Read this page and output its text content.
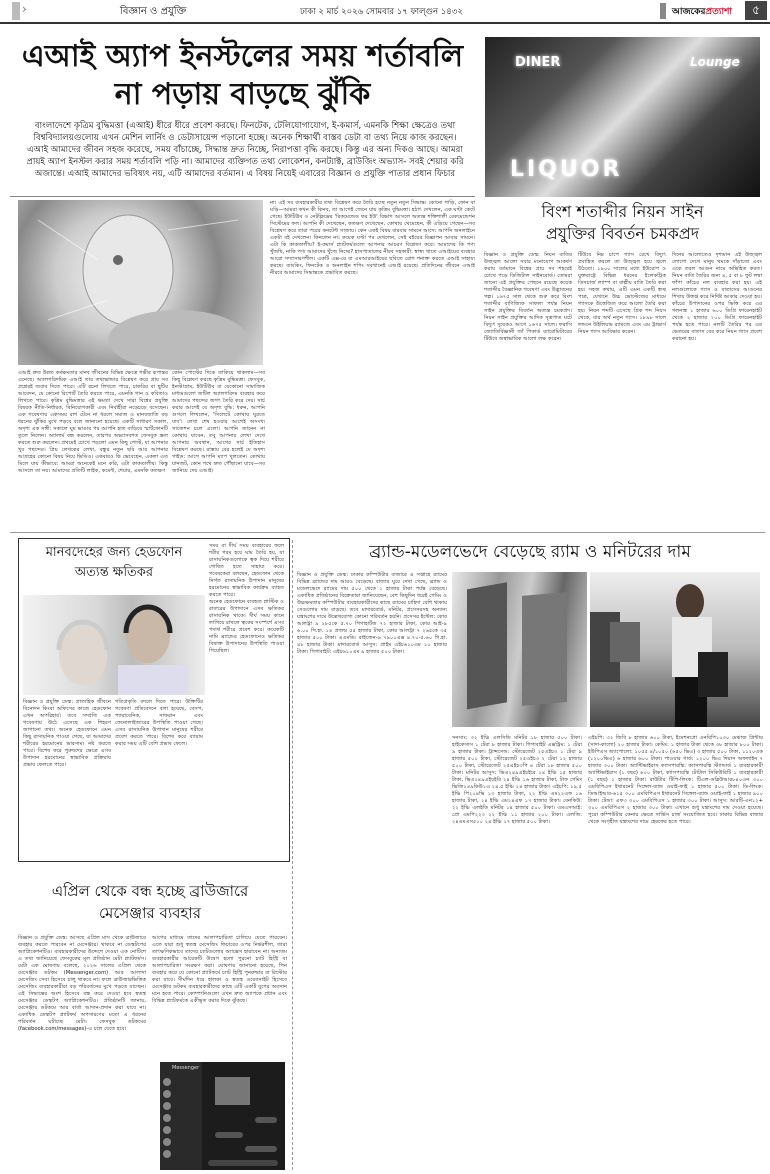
›	বিজ্ঞান ও প্রযুক্তি	ঢাকা ২ মার্চ ২০২৬ সোমবার ১৭ ফাল্গুন ১৪৩২	আজকেরপ্রত্যাশা	৫
এআই অ্যাপ ইনস্টলের সময় শর্তাবলি
না পড়ায় বাড়ছে ঝুঁকি
বাংলাদেশে কৃত্রিম বুদ্ধিমত্তা (এআই) ধীরে ধীরে প্রবেশ করছে। ফিনটেক, টেলিযোগাযোগ, ই-কমার্স, এমনকি শিক্ষা ক্ষেত্রেও তথা বিশ্ববিদ্যালয়গুলোয় এখন মেশিন লার্নিং ও ডেটাসায়েন্স পড়ানো হচ্ছে। অনেক শিক্ষার্থী বাস্তব ডেটা বা তথ্য নিয়ে কাজ করছেন। এআই আমাদের জীবন সহজ করেছে, সময় বাঁচাচ্ছে, সিদ্ধান্ত দ্রুত নিচ্ছে, নিরাপত্তা বৃদ্ধি করছে। কিন্তু এর অন্য দিকও আছে। আমরা প্রায়ই অ্যাপ ইনস্টল করার সময় শর্তাবলি পড়ি না। আমাদের ব্যক্তিগত তথ্য লোকেশন, কনট্যাক্ট, ব্রাউজিং অভ্যাস- সবই শেয়ার করি অজান্তে। এআই আমাদের ভবিষ্যৎ নয়, এটি আমাদের বর্তমান। এ বিষয় নিয়েই এবারের বিজ্ঞান ও প্রযুক্তি পাতার প্রধান ফিচার
এআই দ্রুত উন্নত কর্মক্ষমতার মানব জীবনের বিভিন্ন ক্ষেত্রে গভীর রূপান্তর এনেছে। অ্যালগরিদমিক এআই তার তথ্যভান্ডার বিশ্লেষণ করে প্রায় সব প্রশ্নেরই জবাব দিতে পারে। এটি রচনা লিখতে পারে, চাকরির বা ছুটির আবেদন, যে কোনো রিপোর্ট তৈরি করতে পারে, এমনকি গান ও কবিতাও লিখতে পারে। কৃত্রিম বুদ্ধিমত্তার এই ক্ষমতা দেখে সারা বিশ্বের প্রযুক্তি বিষয়ক নীতি-নির্ধারক, বিনিয়োগকারী এবং নির্বাহীরা নড়েচড়ে বসেছেন। এক গবেষণায় একসময় রাশ টেনে না ধরলে সমাজ ও মানবজাতি বড় ধরনের ঝুঁকির মুখে পড়বে বলে জানানো হয়েছে। একটি সাধারণ সকাল, অদৃশ্য এক সঙ্গী: সকালে ঘুম ভাঙার পর আপনি হাত বাড়িয়ে স্মার্টফোনটি তুলে নিলেন। অ্যালার্ম বন্ধ করলেন, তারপর অভ্যাসবশত ফেসবুক স্ক্রল করতে শুরু করলেন। প্রথমেই চোখে পড়লো এমন কিছু পোস্ট, যা আপনার খুব পছন্দের। প্রিয় লেখকের লেখা, বন্ধুর নতুন ছবি আর আপনার আগ্রহের কোনো বিষয় নিয়ে ভিডিও। একবারও কি ভেবেছেন, একলা এত মিলে যায় কীভাবে: আমরা অনেকেই মনে করি, এটা কাকতালীয়। কিন্তু আসলে তা নয়। আমাদের প্রতিটি লাইক, কমেন্ট, শেয়ার, এমনকি কতক্ষণ
কোন পোস্টের দিকে তাকিয়ে থাকলাম—সব কিছু বিশ্লেষণ করছে কৃত্রিম বুদ্ধিমত্তা। ফেসবুক, ইনস্টাগ্রাম, ইউটিউব বা যেকোনো সামাজিক মাধ্যমগুলো জটিল অ্যালগরিদম ব্যবহার করে আমাদের পছন্দের জগৎ তৈরি করে দেয়। সার্চ করার আগেই যে অদৃশ্য বুদ্ধি: ধরুন, আপনি গুগলে লিখলেন, 'সিলেটে কোথায় ঘুরতে যাব'। লেখা শেষ হওয়ার আগেই অসংখ্য সাজেশন চলে এলো। আপনি জানেন না কোথায় যাবেন, তবু আপনার লেখা দেখে আপনার অবস্থান, আগের সার্চ ইতিহাস বিশ্লেষণ করছে। রাস্তায় বের হলেই যে অদৃশ্য গাইড: আগে আপনি ম্যাপ খুলতেন। কোথায় যানজট, কোন পথে দ্রুত পৌঁছানো যাবে—সব জানিয়ে দেয় এআই।
না। এই সব ব্যবহারকারীর তথ্য বিশ্লেষণ করে তৈরি হচ্ছে নতুন নতুন সিদ্ধান্ত। কোনো গাড়ি, ফোন বা ঘড়ি—আমরা কখন কী কিনব, তা আগেই জেনে যায় কৃত্রিম বুদ্ধিমত্তা। হঠাৎ দেখলেন, এক ঘণ্টা কেটে গেছে। ইউটিউব ও নেটফ্লিক্সের 'রিকমেন্ডেড ফর ইউ' বিভাগ আসলে অত্যন্ত শক্তিশালী রেকমেন্ডেশন সিস্টেমের ফল। আপনি কী দেখেছেন, কতক্ষণ দেখেছেন, কোথায় থেমেছেন, কী এড়িয়ে গেছেন—সব বিশ্লেষণ করে তারা পরের কনটেন্ট সাজায়। কেন একই বিষয় বারবার সামনে আসে: আপনি অনলাইনে একটা বই দেখলেন। কিনলেন না। কয়েক ঘণ্টা পর দেখলেন, সেই বইয়ের বিজ্ঞাপন আবার সামনে। এটা কি কাকতালীয়? ই-কমার্স প্ল্যাটফর্মগুলো আপনার আচরণ বিশ্লেষণ করে। আমাদের কি পণ্য খুঁজছি, নাকি পণ্য আমাদের খুঁজে নিচ্ছে? হাসপাতালের নীরব সহকারী: স্বাস্থ্য খাতে এআইয়ের ব্যবহার আরো সম্প্রসারণশীল। একটি এক্স-রে বা এমআরআইয়ের ছবিতে রোগ শনাক্ত করতে এআই সাহায্য করছে। ব্যাংকিং, ফিনটেক ও অনলাইন শপিং সবখানেই এআই রয়েছে। প্রতিদিনের জীবনে এআই নীরবে আমাদের সিদ্ধান্তকে প্রভাবিত করছে।
DINER
LIQUOR
Lounge
বিংশ শতাব্দীর নিয়ন সাইন
প্রযুক্তির বিবর্তন চমকপ্রদ
বিজ্ঞান ও প্রযুক্তি ডেস্ক: নিয়ন বাতির উজ্জ্বল আলো সবার মনোযোগ আকর্ষণ করায় বর্তমানে বিশ্বের প্রায় সব শহরেই চোখে পড়ে ডিজিটাল সাইনবোর্ড। তোমরা জানো এই প্রযুক্তির পেছনে রয়েছে কয়েক শতাব্দীর বৈজ্ঞানিক গবেষণা এবং উদ্ভাবনের গল্প। ১৬৭৫ সাল থেকে শুরু করে বিংশ শতাব্দীর বাণিজ্যিক সাফল্য পর্যন্ত নিয়ন সাইন প্রযুক্তির বিবর্তন অত্যন্ত চমকপ্রদ। নিয়ন সাইন প্রযুক্তির আদিক সূত্রপাত ঘটে বিদ্যুৎ দুয়েকও আগে ১৬৭৫ সালে। ফরাসি জ্যোতির্বিজ্ঞানী জ্যঁ পিকার্ড ব্যারোমিটারের টিউবে অস্বাভাবিক আলো লক্ষ করেন।
টিউবে নিম্ন চাপে গ্যাস রেখে বিদ্যুৎ প্রবাহিত করলে তা উজ্জ্বল হয়ে জ্বলে উঠতো। ১৯০০ সালের মধ্যে ইউরোপ ও যুক্তরাষ্ট্রে বিভিন্ন ধরনের ইলেকট্রিক ডিসচার্জ ল্যাম্প বা বাল্পীয় বাতি তৈরি করা হয়। সহজ কথায়, এটি এমন একটি স্বচ্ছ পাত্র, যেখানে উচ্চ ভোল্টেজের মাধ্যমে গ্যাসকে উত্তেজিত করে আলো তৈরি করা হয়। নিয়ন শব্দটি এসেছে গ্রিক শব্দ নিয়স থেকে, যার অর্থ নতুন গ্যাস। ১৮৯৮ সালে লন্ডনে উইলিয়াম র‍্যামজে এবং এম ট্রাভার্স নিয়ন গ্যাস আবিষ্কার করেন।
দিনের আলোতেও দৃশ্যমান এই উজ্জ্বল লোগো দেখে মানুষ থমকে দাঁড়াতো এবং একে তরল আগুন নামে অভিহিত করত। নিয়ন বাতি তৈরির জন্য ৪, ৫ বা ৮ ফুট লম্বা ফাঁপা কাঁচের নল ব্যবহার করা হয়। এই নলগুলোকে গ্যাস ও বাতাসের আগুনের শিখায় উত্তপ্ত করে নির্দিষ্ট আকার দেওয়া হয়। কাঁচের উপাদানের ওপর ভিত্তি করে এর গলনাঙ্ক ১ হাজার ৬০০ ডিগ্রি ফারেনহাইট থেকে ২ হাজার ২০০ ডিগ্রি ফারেনহাইট পর্যন্ত হতে পারে। নলটি তৈরির পর এর ভেতরের বাতাস বের করে নিয়ন গ্যাস প্রবেশ করানো হয়।
মানবদেহের জন্য হেডফোন
অত্যন্ত ক্ষতিকর
সময় বা দীর্ঘ সময় ব্যবহারের ফলে শরীর গরম হয়ে ঘাম তৈরি হয়, যা রাসায়নিকগুলোকে ত্বক দিয়ে শরীরে শোষিত হতে সাহায্য করে। গবেষকেরা বলছেন, হেডফোন থেকে নির্গত রাসায়নিক উপাদান মানুষের হরমোনের স্বাভাবিক কার্যক্রম ব্যাহত করতে পারে।
বিজ্ঞান ও প্রযুক্তি ডেস্ক: প্রাত্যহিক জীবনে বিনোদন কিংবা অফিসের কাজে হেডফোন এখন অপরিহার্য। তবে সম্প্রতি এক গবেষণায় উঠে এসেছে এক শিহরণ জাগানো তথ্য। অনেক হেডফোনে এমন কিছু রাসায়নিক পাওয়া গেছে, যা আমাদের শরীরের হরমোনের ভারসাম্য নষ্ট করতে পারে। বিশেষ করে পুরুষদের ক্ষেত্রে এসব উপাদান হরমোনের স্বাভাবিক প্রক্রিয়ায় প্রভাব ফেলতে পারে।
গতিপ্রকৃতি বদলে দিতে পারে। উক্তিটির গবেষণা প্রতিবেদনে বলা হয়েছে, বেসপ, প্যারাবেনিক, সাফরান এবং ফেনোলাইজারের উপস্থিতি পাওয়া গেছে। এসব রাসায়নিক উপাদান মানুষের শরীরে প্রবেশ করতে পারে। বিশেষ করে ব্যায়াম করার সময় এটি বেশি প্রভাব ফেলে।
অনেক হেডফোনে ব্যবহৃত প্লাস্টিক ও রাবারের উপাদানে এসব ক্ষতিকর রাসায়নিক থাকে। দীর্ঘ সময় কানে লাগিয়ে রাখলে ত্বকের সংস্পর্শে এসব পদার্থ শরীরে প্রবেশ করে। কয়েকটি নামি ব্র্যান্ডের হেডফোনেও ক্ষতিকর বিষাক্ত উপাদানের উপস্থিতি পাওয়া গিয়েছিল।
এপ্রিল থেকে বন্ধ হচ্ছে ব্রাউজারে
মেসেঞ্জার ব্যবহার
বিজ্ঞান ও প্রযুক্তি ডেস্ক: আসছে এপ্রিল মাস থেকে ব্রাউজারে ব্যবহার করতে পারবেন না মেসেঞ্জার। থাকবে না ডেস্কটপের অ্যাপ্লিকেশনটিও। ব্যবহারকারীদের উদ্দেশে দেওয়া এক নোটিশে এ তথ্য জানিয়েছে ফেসবুকের মূল প্রতিষ্ঠান মেটা প্ল্যাটফর্মস। মেটা এক ঘোষণায় বলেছে, ২০২৬ সালের এপ্রিল থেকে মেসেঞ্জার ডটকম (Messenger.com) আর আলাদা মেসেজিং সেবা হিসেবে চালু থাকবে না। ফলে ব্রাউজারভিত্তিক মেসেজিং ব্যবহারকারীরা বড় পরিবর্তনের মুখে পড়তে যাচ্ছেন। এই সিদ্ধান্তের অংশ হিসেবে বন্ধ করে দেওয়া হবে স্বতন্ত্র মেসেঞ্জার ডেস্কটপ অ্যাপ্লিকেশনটিও। প্রতিষ্ঠানটি জানায়, মেসেঞ্জার ডটকমে আর বার্তা আদান-প্রদান করা যাবে না। একাধিক ডেস্কটপ প্ল্যাটফর্ম অপসারণের মতো এ ধরনের পরিবর্তন ঘটাচ্ছে মেটা। ফেসবুক ডটকমের (facebook.com/messages)-এ চলে যেতে হবে।
আগের মাধ্যমে তাদের আলাপচারিতা চালিয়ে যেতে পারবেন। এতে যারা শুধু স্বতন্ত্র মেসেজিং ফিচারের ওপর নির্ভরশীল, তারা তাৎক্ষণিকভাবে তাদের চ্যাটগুলোর অ্যাক্সেস হারাবেন না। অন্যতম ব্যবহারকারীর আরেকটি উদ্বেগ হলো পুরনো চ্যাট হিস্ট্রি বা আলাপচারিতা সংরক্ষণ করা। ঘোষণায় জানানো হয়েছে, পিন ব্যবহার করে যে কোনো প্ল্যাটফর্মে চ্যাট হিস্ট্রি পুনরুদ্ধার বা রিস্টোর করা যাবে। দীর্ঘদিন ধরে হালকা ও স্বতন্ত্র ওয়েবসাইট হিসেবে মেসেঞ্জার ডটকম ব্যবহারকারীদের কাছে এটি একটি যুগের অবসান মনে হতে পারে। কোম্পানিগুলো এখন দ্রুত অ্যাপকে প্রধান এবং বিভিন্ন প্ল্যাটফর্মকে একীভূত করার দিকে ঝুঁকছে।
Messenger
ব্র্যান্ড-মডেলভেদে বেড়েছে র‍্যাম ও মনিটরের দাম
বিজ্ঞান ও প্রযুক্তি ডেস্ক: ঢাকার কম্পিউটার বাজারে এ সপ্তাহে র‍্যামের বিভিন্ন ব্র্যান্ডের দাম আরও বেড়েছে। বাজার ঘুরে দেখা গেছে, ব্র্যান্ড ও মডেলভেদে র‍্যামের দাম ৫০০ থেকে ১ হাজার টাকা পর্যন্ত বেড়েছে। একাধিক প্রতিষ্ঠানের বিক্রেতারা জানিয়েছেন, বেশ কিছুদিন ধরেই গেমিং ও উচ্চক্ষমতার কম্পিউটার ব্যবহারকারীদের কাছে র‍্যামের চাহিদা বেশি থাকায় সেগুলোর দাম বাড়ছে। তবে মাদারবোর্ড, মনিটর, প্রসেসরসহ অন্যান্য যন্ত্রাংশের দামে উল্লেখযোগ্য কোনো পরিবর্তন হয়নি। প্রসেসর ইন্টেল: কোর আলট্রা ৯ ২৮৫কে ৫.৭০ গিগাহার্টজ ৭২ হাজার টাকা, কোর আই-৯ ৬.০০ গি.হা. ১৪ প্রজন্ম ৫৫ হাজার টাকা, কোর আলট্রা ৭ ২৬৫কে ৩৫ হাজার ৫০০ টাকা। এএমডি: রাইজেন-৯ ৭৯০০এক্স ৪.৭০-৫.৬০ গি.হা. ৪৮ হাজার টাকা। মাদারবোর্ড আসুস: প্রাইম এইচ৬১০এম ১০ হাজার টাকা। গিগাবাইট: এইচ৬১০এম ৯ হাজার ৫০০ টাকা।
সনসাং: ৩২ ইঞ্চি এলসিডি মনিটর ১৮ হাজার ৫০০ টাকা। হাইকেসাস ১ টেরা ৮ হাজার টাকা। গিগাবাইট এক্সট্রিম: ১ টেরা ৯ হাজার টাকা। ট্রান্সসেন্ড: স্টোরেজেট ২৫এইচ৩ ১ টেরা ৯ হাজার ৫০০ টাকা, স্টোরেজেট ২৫এইচ৩ ২ টেরা ১২ হাজার ৫০০ টাকা, স্টোরেজেট ২৫এইচ৩পি ৪ টেরা ১৮ হাজার ৫০০ টাকা। মনিটর আসুস: ভিএ২৪৯এইচইরে ২৪ ইঞ্চি ১৫ হাজার টাকা, ভিএ২৪৯এইচইরি ২৪ ইঞ্চি ১৬ হাজার টাকা, টাফ গেমিং ভিজি২৪৯কিউ১এ ২৪.৫ ইঞ্চি ২৪ হাজার টাকা। এইচপি: ১৯.৫ ইঞ্চি পি২০৪ভি ১৩ হাজার টাকা, ২২ ইঞ্চি এম২২এফ ১৬ হাজার টাকা, ২৪ ইঞ্চি এম২৪এফ ১৭ হাজার টাকা। বেনকিউ: ২২ ইঞ্চি এলইডি মনিটর ১৪ হাজার ৫০০ টাকা। এমএসআই: প্রো এমপি২২৩ ২২ ইঞ্চি ১১ হাজার ২০০ টাকা। এলজি: ২৪এমএস৫০০ ২৪ ইঞ্চি ১৭ হাজার ৫০০ টাকা।
এইচপি: ৩২ জিবি ৮ হাজার ৬০০ টাকা, ইমেশনপ্রো এনবিপি১০৩০ মেঝাজ প্রিন্টার (সাদা-কালো) ২০ হাজার টাকা। কেমিং: ১ হাজার টাকা থেকে ৩৮ হাজার ৮০০ টাকা। ইউপিএস অ্যাপোলো: ১০৫৫ ৪/১০৫০ (৬৫০ ভিএ) ৩ হাজার ৫০০ টাকা, ১১২০এক (১২০০ভিএ) ৬ হাজার ৬০০ টাকা। পাওয়ার গার্ড: ১২০০ ভিএ দিয়াস অফলাইন ৭ হাজার ৩০০ টাকা। অ্যান্টিভাইরাস ক্যাসপারস্কি: ক্যাসপারস্কি স্ট্যান্ডার্ড ১ ব্যবহারকারী অ্যান্টিভাইরাস (১ বছর) ৬০০ টাকা, ক্যাসপারস্কি টোটাল সিকিউরিটি ১ ব্যবহারকারী (১ বছর) ১ হাজার টাকা। রাউটার টিপি-লিংক: টিএল-ডব্লিউআর৮৪০এন ৩০০ এমবিপিএস ইথারনেট সিঙ্গেল-ব্যান্ড ওয়াই-ফাই ১ হাজার ৫০০ টাকা। ডি-লিংক: ডিআইআর-৬১৫ ৩০০ এমবিপিএস ইথারনেট সিঙ্গেল-ব্যান্ড ওয়াই-ফাই ১ হাজার ৯০০ টাকা। টেন্ডা: এফ৩ ৩০০ এমবিপিএস ১ হাজার ৩০০ টাকা। আসুস: আরটি-এন১২+ ৩০০ এমবিপিএস ২ হাজার ৩০০ টাকা। এখানে শুধু যন্ত্রাংশের দাম দেওয়া হয়েছে। পুরো কম্পিউটার কেনার ক্ষেত্রে সার্ভিস চার্জ সংযোজিত হবে। ঢাকার বিভিন্ন বাজার থেকে সংগৃহীত যন্ত্রাংশের দামে হেরফের হতে পারে।
